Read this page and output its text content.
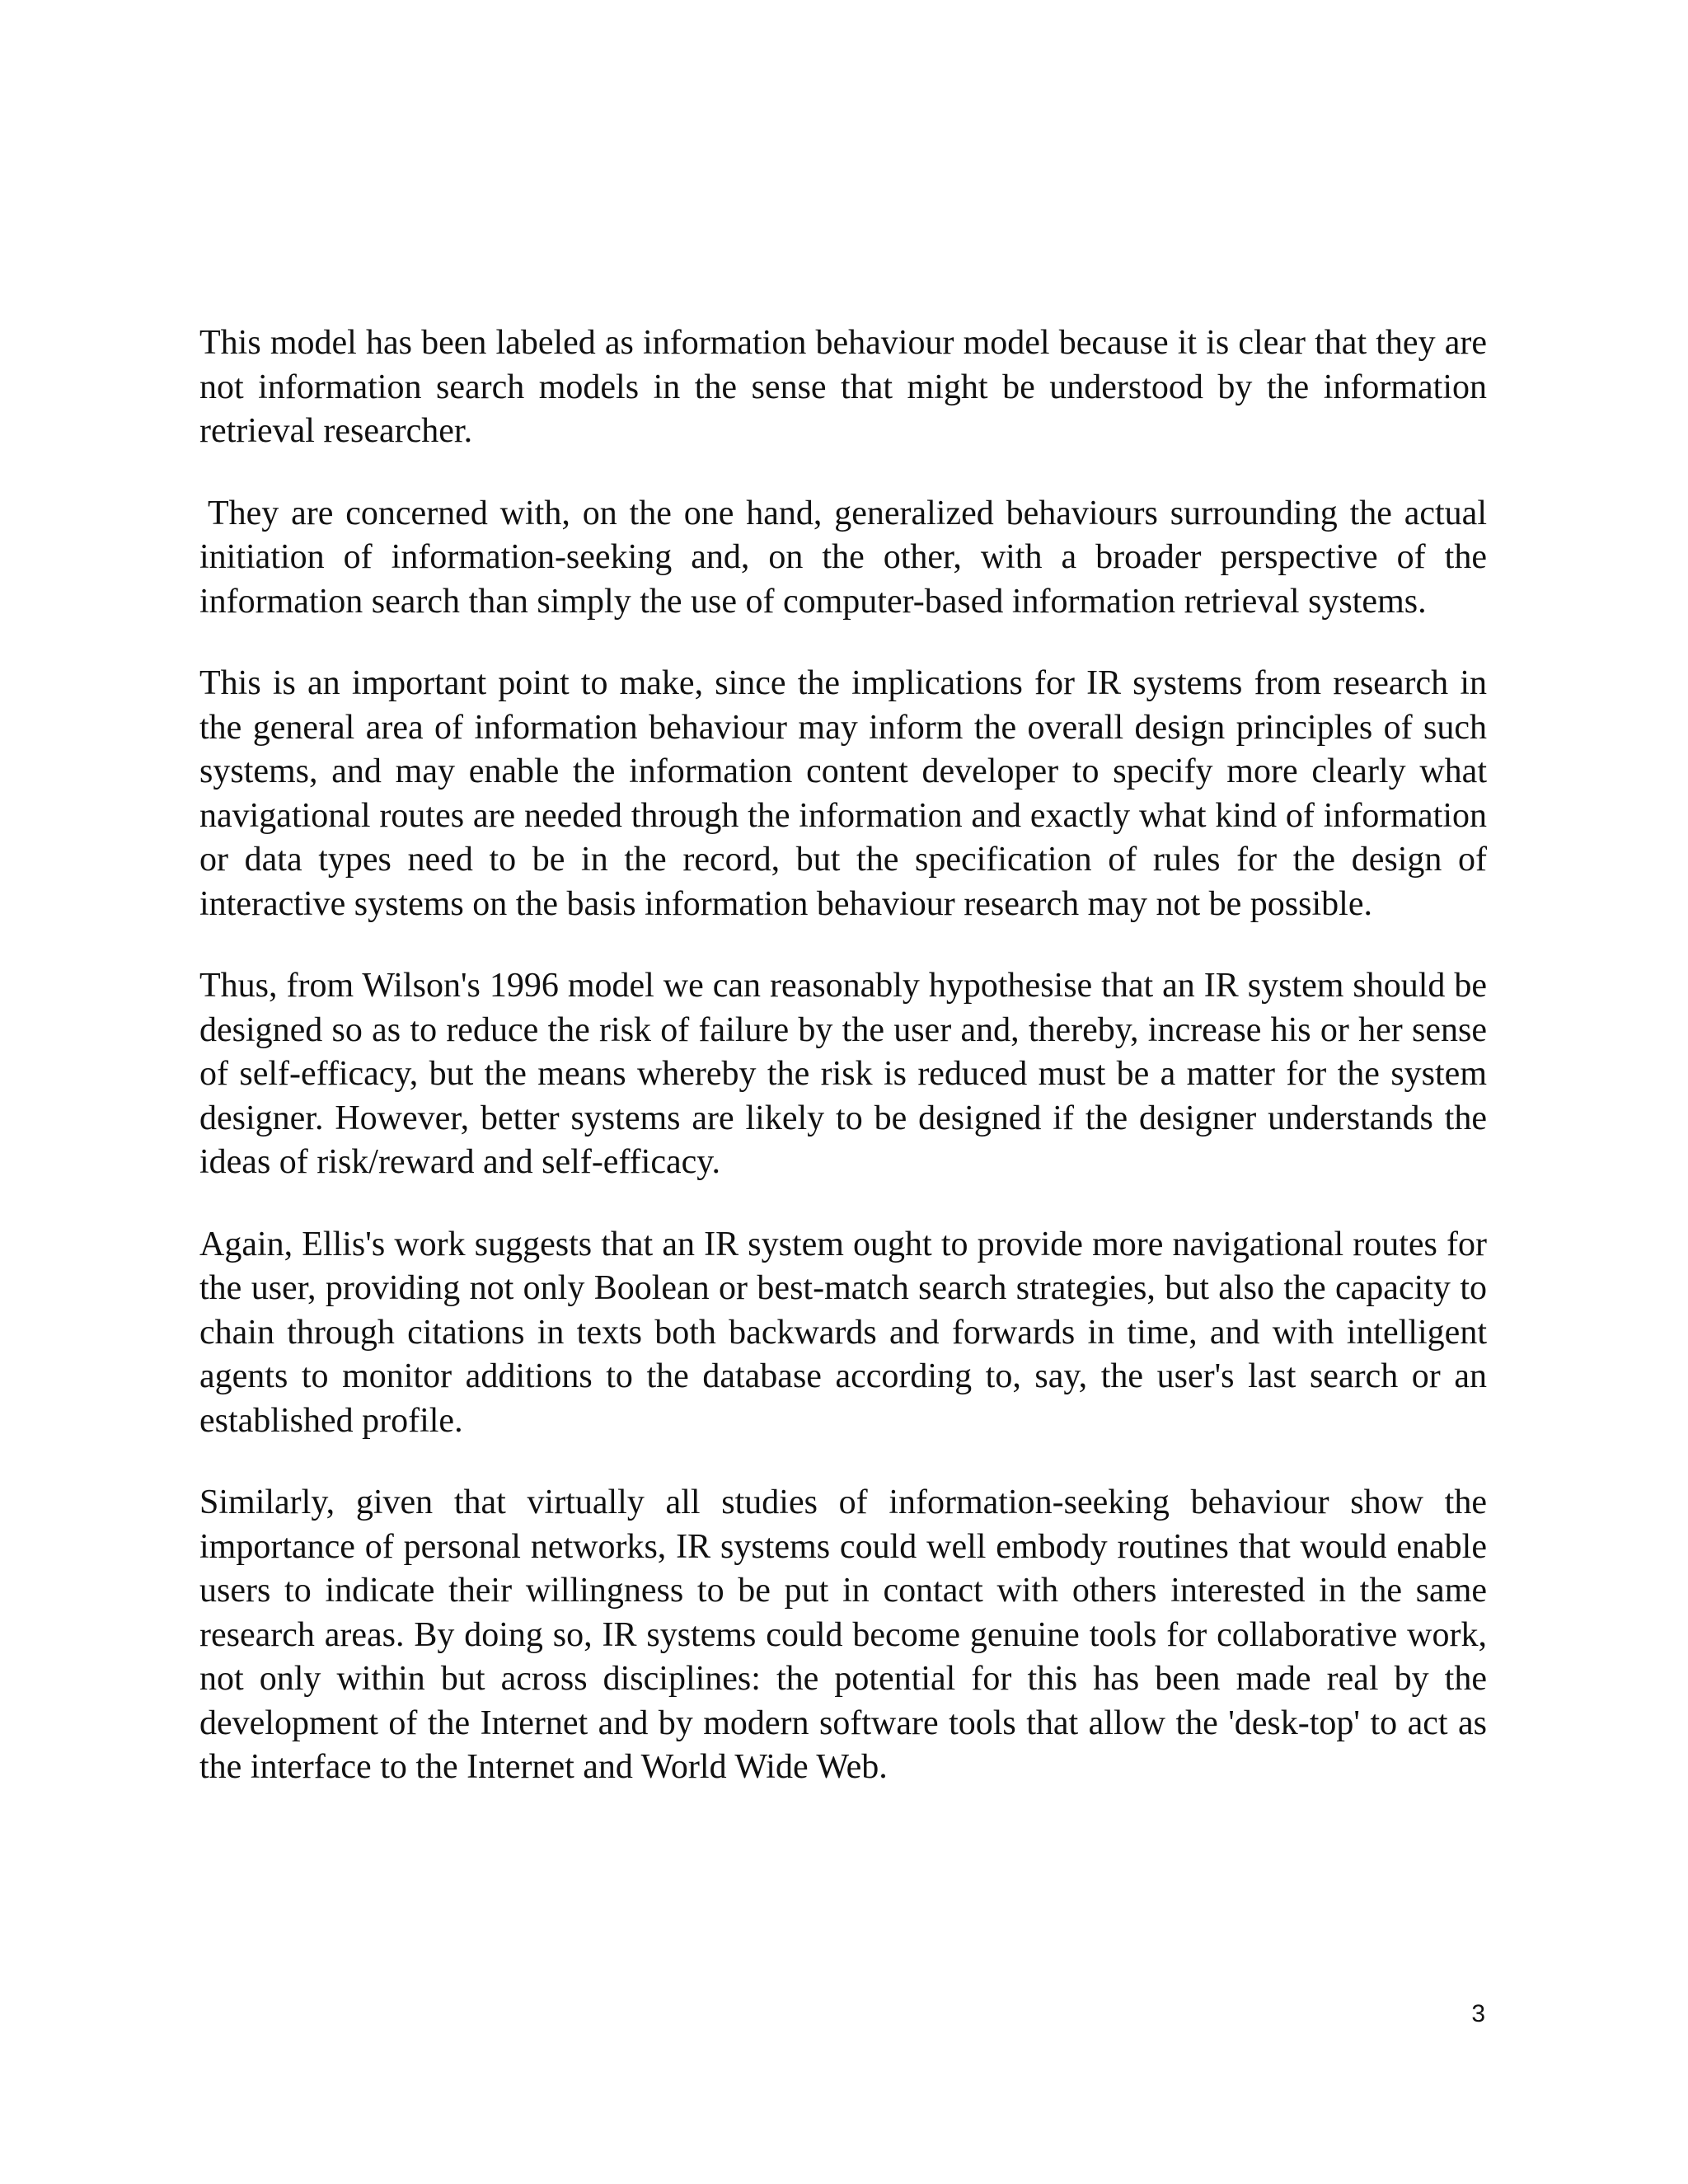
This model has been labeled as information behaviour model because it is clear that they are not information search models in the sense that might be understood by the information retrieval researcher.

They are concerned with, on the one hand, generalized behaviours surrounding the actual initiation of information-seeking and, on the other, with a broader perspective of the information search than simply the use of computer-based information retrieval systems.

This is an important point to make, since the implications for IR systems from research in the general area of information behaviour may inform the overall design principles of such systems, and may enable the information content developer to specify more clearly what navigational routes are needed through the information and exactly what kind of information or data types need to be in the record, but the specification of rules for the design of interactive systems on the basis information behaviour research may not be possible.

Thus, from Wilson's 1996 model we can reasonably hypothesise that an IR system should be designed so as to reduce the risk of failure by the user and, thereby, increase his or her sense of self-efficacy, but the means whereby the risk is reduced must be a matter for the system designer. However, better systems are likely to be designed if the designer understands the ideas of risk/reward and self-efficacy.

Again, Ellis's work suggests that an IR system ought to provide more navigational routes for the user, providing not only Boolean or best-match search strategies, but also the capacity to chain through citations in texts both backwards and forwards in time, and with intelligent agents to monitor additions to the database according to, say, the user's last search or an established profile.

Similarly, given that virtually all studies of information-seeking behaviour show the importance of personal networks, IR systems could well embody routines that would enable users to indicate their willingness to be put in contact with others interested in the same research areas. By doing so, IR systems could become genuine tools for collaborative work, not only within but across disciplines: the potential for this has been made real by the development of the Internet and by modern software tools that allow the 'desk-top' to act as the interface to the Internet and World Wide Web.

3
